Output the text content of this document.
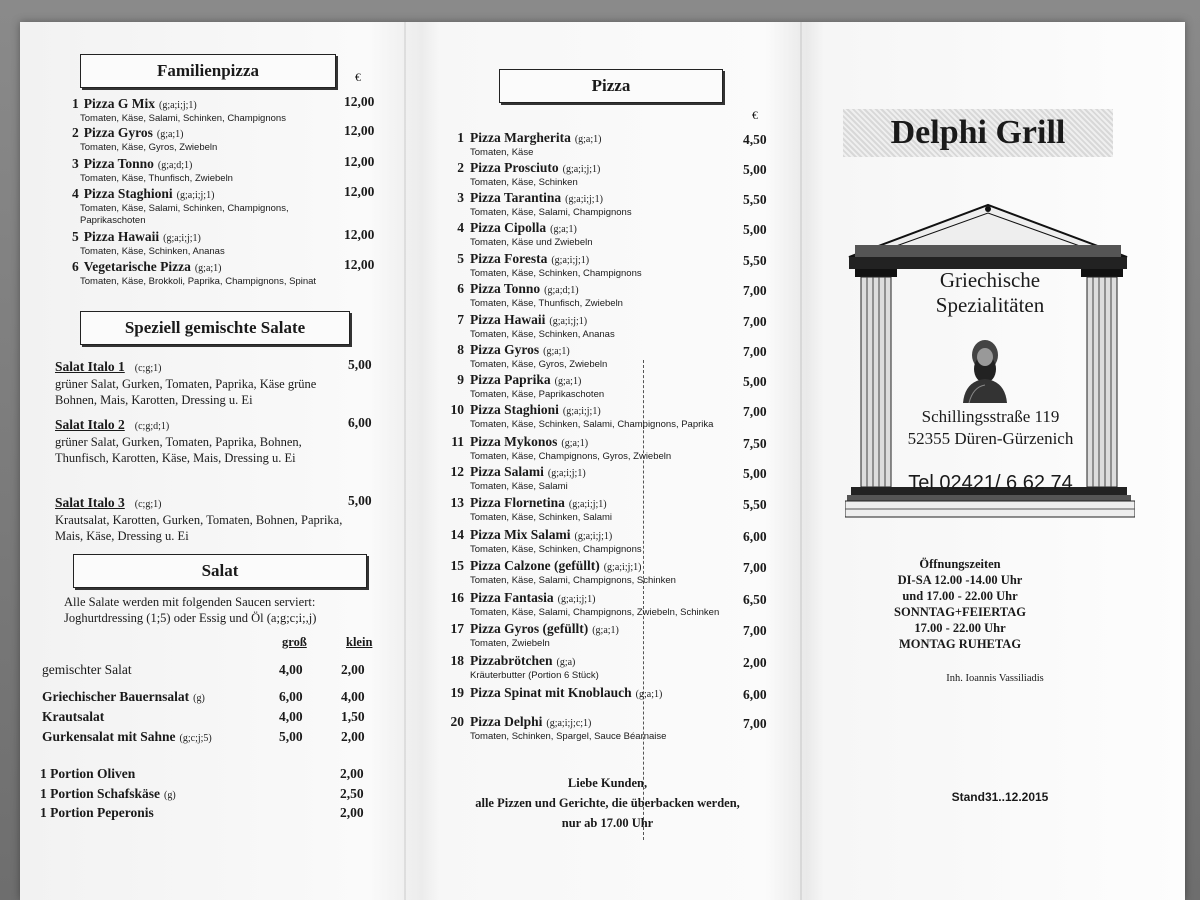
Familienpizza	€
Speziell gemischte Salate
Salat
Alle Salate werden mit folgenden Saucen serviert: Joghurtdressing (1;5) oder Essig und Öl (a;g;c;i;,j)
groß	klein
Pizza
€
Liebe Kunden,
alle Pizzen und Gerichte, die überbacken werden,
nur ab 17.00 Uhr
Delphi Grill
Griechische
Spezialitäten
Schillingsstraße 119
52355 Düren-Gürzenich
Tel 02421/ 6 62 74
Öffnungszeiten
DI-SA 12.00 -14.00 Uhr
und 17.00 - 22.00 Uhr
SONNTAG+FEIERTAG
17.00 - 22.00 Uhr
MONTAG RUHETAG
Inh. Ioannis Vassiliadis
Stand31..12.2015
1 Pizza G Mix (g;a;i;j;1)
Tomaten, Käse, Salami, Schinken, Champignons
12,00
2 Pizza Gyros (g;a;1)
Tomaten, Käse, Gyros, Zwiebeln
12,00
3 Pizza Tonno (g;a;d;1)
Tomaten, Käse, Thunfisch, Zwiebeln
12,00
4 Pizza Staghioni (g;a;i;j;1)
Tomaten, Käse, Salami, Schinken, Champignons, Paprikaschoten
12,00
5 Pizza Hawaii (g;a;i;j;1)
Tomaten, Käse, Schinken, Ananas
12,00
6 Vegetarische Pizza (g;a;1)
Tomaten, Käse, Brokkoli, Paprika, Champignons, Spinat
12,00
Salat Italo 1 (c;g;1)
grüner Salat, Gurken, Tomaten, Paprika, Käse grüne Bohnen, Mais, Karotten, Dressing u. Ei
5,00
Salat Italo 2 (c;g;d;1)
grüner Salat, Gurken, Tomaten, Paprika, Bohnen, Thunfisch, Karotten, Käse, Mais, Dressing u. Ei
6,00
Salat Italo 3 (c;g;1)
Krautsalat, Karotten, Gurken, Tomaten, Bohnen, Paprika, Mais, Käse, Dressing u. Ei
5,00
gemischter Salat	4,00	2,00
Griechischer Bauernsalat (g)	6,00	4,00
Krautsalat	4,00	1,50
Gurkensalat mit Sahne (g;c;j;5)	5,00	2,00
1 Portion Oliven	2,00
1 Portion Schafskäse (g)	2,50
1 Portion Peperonis	2,00
1 Pizza Margherita (g;a;1)
Tomaten, Käse
4,50
2 Pizza Prosciuto (g;a;i;j;1)
Tomaten, Käse, Schinken
5,00
3 Pizza Tarantina (g;a;i;j;1)
Tomaten, Käse, Salami, Champignons
5,50
4 Pizza Cipolla (g;a;1)
Tomaten, Käse und Zwiebeln
5,00
5 Pizza Foresta (g;a;i;j;1)
Tomaten, Käse, Schinken, Champignons
5,50
6 Pizza Tonno (g;a;d;1)
Tomaten, Käse, Thunfisch, Zwiebeln
7,00
7 Pizza Hawaii (g;a;i;j;1)
Tomaten, Käse, Schinken, Ananas
7,00
8 Pizza Gyros (g;a;1)
Tomaten, Käse, Gyros, Zwiebeln
7,00
9 Pizza Paprika (g;a;1)
Tomaten, Käse, Paprikaschoten
5,00
10 Pizza Staghioni (g;a;i;j;1)
Tomaten, Käse, Schinken, Salami, Champignons, Paprika
7,00
11 Pizza Mykonos (g;a;1)
Tomaten, Käse, Champignons, Gyros, Zwiebeln
7,50
12 Pizza Salami (g;a;i;j;1)
Tomaten, Käse, Salami
5,00
13 Pizza Flornetina (g;a;i;j;1)
Tomaten, Käse, Schinken, Salami
5,50
14 Pizza Mix Salami (g;a;i;j;1)
Tomaten, Käse, Schinken, Champignons
6,00
15 Pizza Calzone (gefüllt) (g;a;i;j;1)
Tomaten, Käse, Salami, Champignons, Schinken
7,00
16 Pizza Fantasia (g;a;i;j;1)
Tomaten, Käse, Salami, Champignons, Zwiebeln, Schinken
6,50
17 Pizza Gyros (gefüllt) (g;a;1)
Tomaten, Zwiebeln
7,00
18 Pizzabrötchen (g;a)
Kräuterbutter (Portion 6 Stück)
2,00
19 Pizza Spinat mit Knoblauch (g;a;1)	6,00
20 Pizza Delphi (g;a;i;j;c;1)
Tomaten, Schinken, Spargel, Sauce Béarnaise
7,00
